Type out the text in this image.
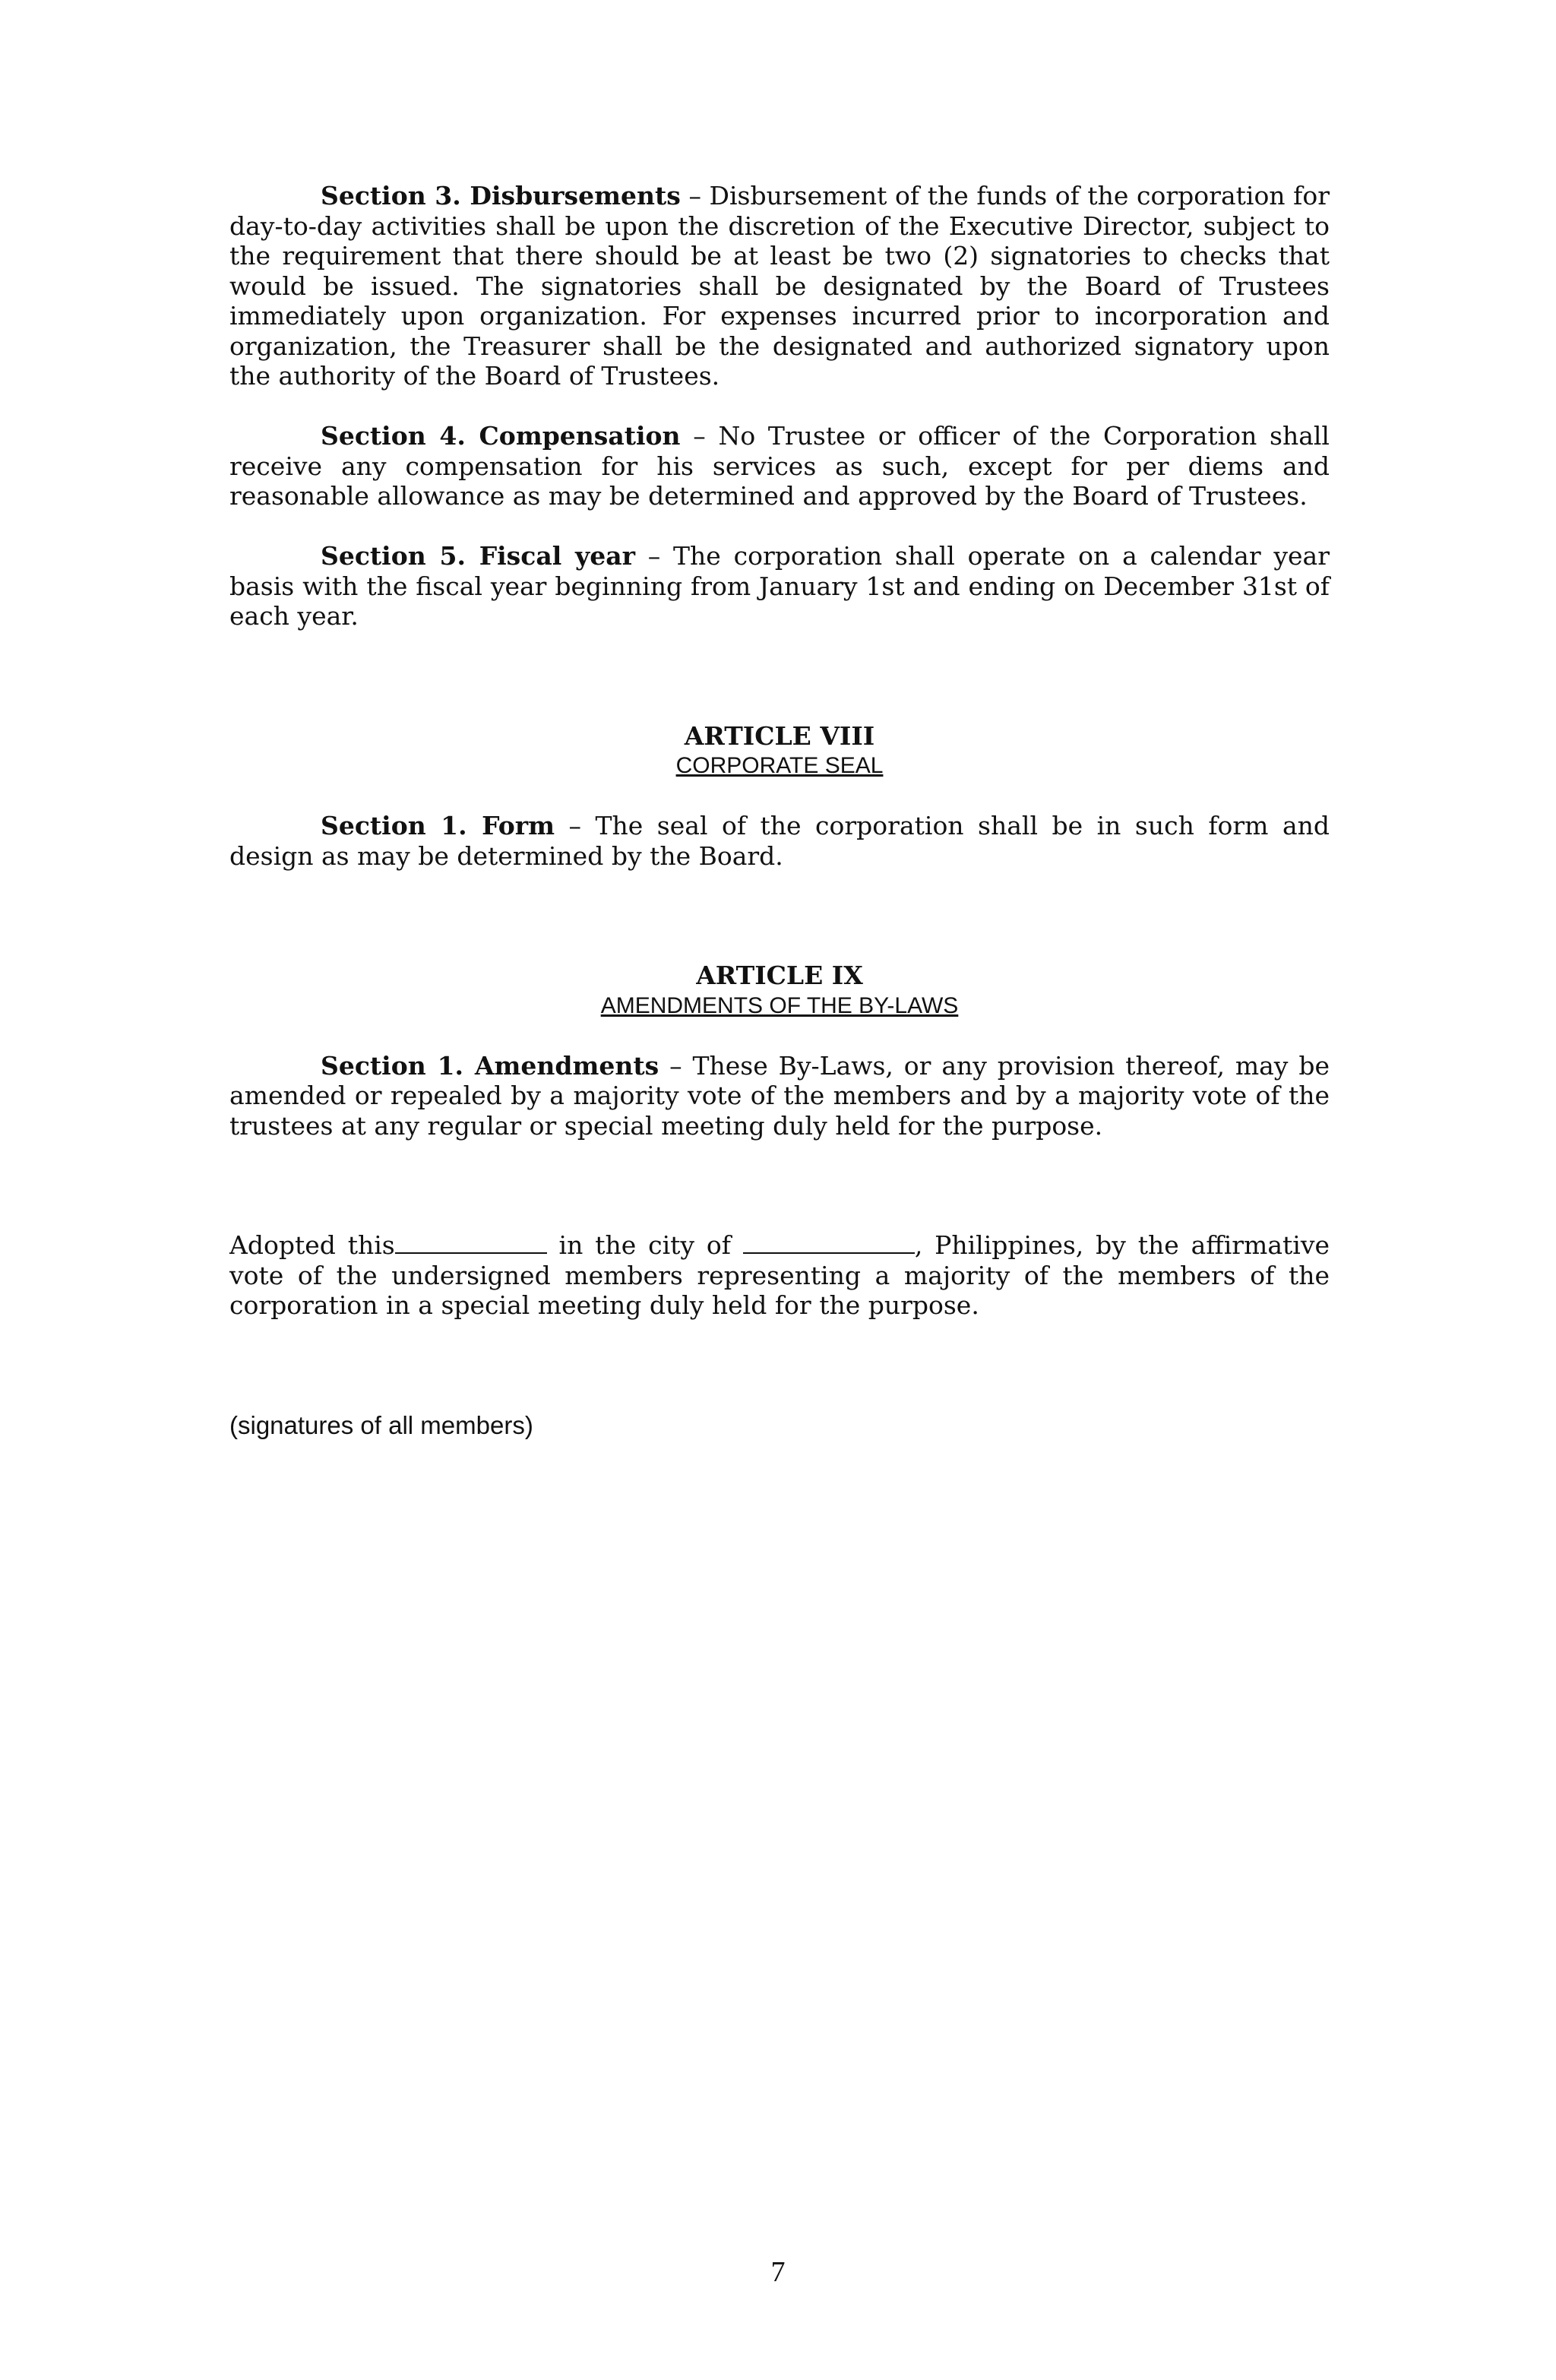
Section 3. Disbursements – Disbursement of the funds of the corporation for day-to-day activities shall be upon the discretion of the Executive Director, subject to the requirement that there should be at least be two (2) signatories to checks that would be issued. The signatories shall be designated by the Board of Trustees immediately upon organization. For expenses incurred prior to incorporation and organization, the Treasurer shall be the designated and authorized signatory upon the authority of the Board of Trustees.

Section 4. Compensation – No Trustee or officer of the Corporation shall receive any compensation for his services as such, except for per diems and reasonable allowance as may be determined and approved by the Board of Trustees.

Section 5. Fiscal year – The corporation shall operate on a calendar year basis with the fiscal year beginning from January 1st and ending on December 31st of each year.

ARTICLE VIII
CORPORATE SEAL

Section 1. Form – The seal of the corporation shall be in such form and design as may be determined by the Board.

ARTICLE IX
AMENDMENTS OF THE BY-LAWS

Section 1. Amendments – These By-Laws, or any provision thereof, may be amended or repealed by a majority vote of the members and by a majority vote of the trustees at any regular or special meeting duly held for the purpose.

Adopted this	in the city of	, Philippines, by the affirmative vote of the undersigned members representing a majority of the members of the corporation in a special meeting duly held for the purpose.

(signatures of all members)

7
